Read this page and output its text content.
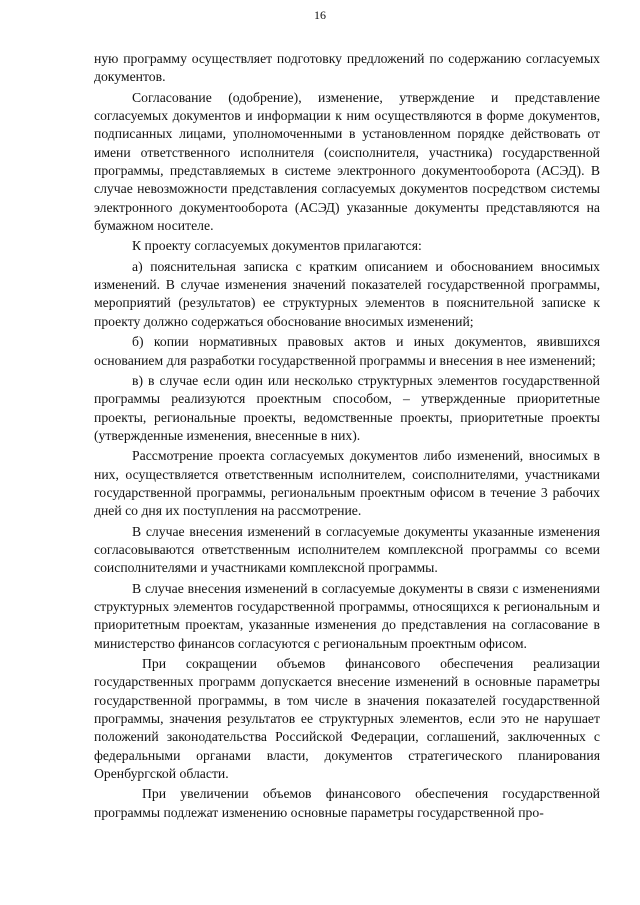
16

ную программу осуществляет подготовку предложений по содержанию согласуемых документов.

Согласование (одобрение), изменение, утверждение и представление согласуемых документов и информации к ним осуществляются в форме документов, подписанных лицами, уполномоченными в установленном порядке действовать от имени ответственного исполнителя (соисполнителя, участника) государственной программы, представляемых в системе электронного документооборота (АСЭД). В случае невозможности представления согласуемых документов посредством системы электронного документооборота (АСЭД) указанные документы представляются на бумажном носителе.

К проекту согласуемых документов прилагаются:

а) пояснительная записка с кратким описанием и обоснованием вносимых изменений. В случае изменения значений показателей государственной программы, мероприятий (результатов) ее структурных элементов в пояснительной записке к проекту должно содержаться обоснование вносимых изменений;

б) копии нормативных правовых актов и иных документов, явившихся основанием для разработки государственной программы и внесения в нее изменений;

в) в случае если один или несколько структурных элементов государственной программы реализуются проектным способом, – утвержденные приоритетные проекты, региональные проекты, ведомственные проекты, приоритетные проекты (утвержденные изменения, внесенные в них).

Рассмотрение проекта согласуемых документов либо изменений, вносимых в них, осуществляется ответственным исполнителем, соисполнителями, участниками государственной программы, региональным проектным офисом в течение 3 рабочих дней со дня их поступления на рассмотрение.

В случае внесения изменений в согласуемые документы указанные изменения согласовываются ответственным исполнителем комплексной программы со всеми соисполнителями и участниками комплексной программы.

В случае внесения изменений в согласуемые документы в связи с изменениями структурных элементов государственной программы, относящихся к региональным и приоритетным проектам, указанные изменения до представления на согласование в министерство финансов согласуются с региональным проектным офисом.

При сокращении объемов финансового обеспечения реализации государственных программ допускается внесение изменений в основные параметры государственной программы, в том числе в значения показателей государственной программы, значения результатов ее структурных элементов, если это не нарушает положений законодательства Российской Федерации, соглашений, заключенных с федеральными органами власти, документов стратегического планирования Оренбургской области.

При увеличении объемов финансового обеспечения государственной программы подлежат изменению основные параметры государственной про-
